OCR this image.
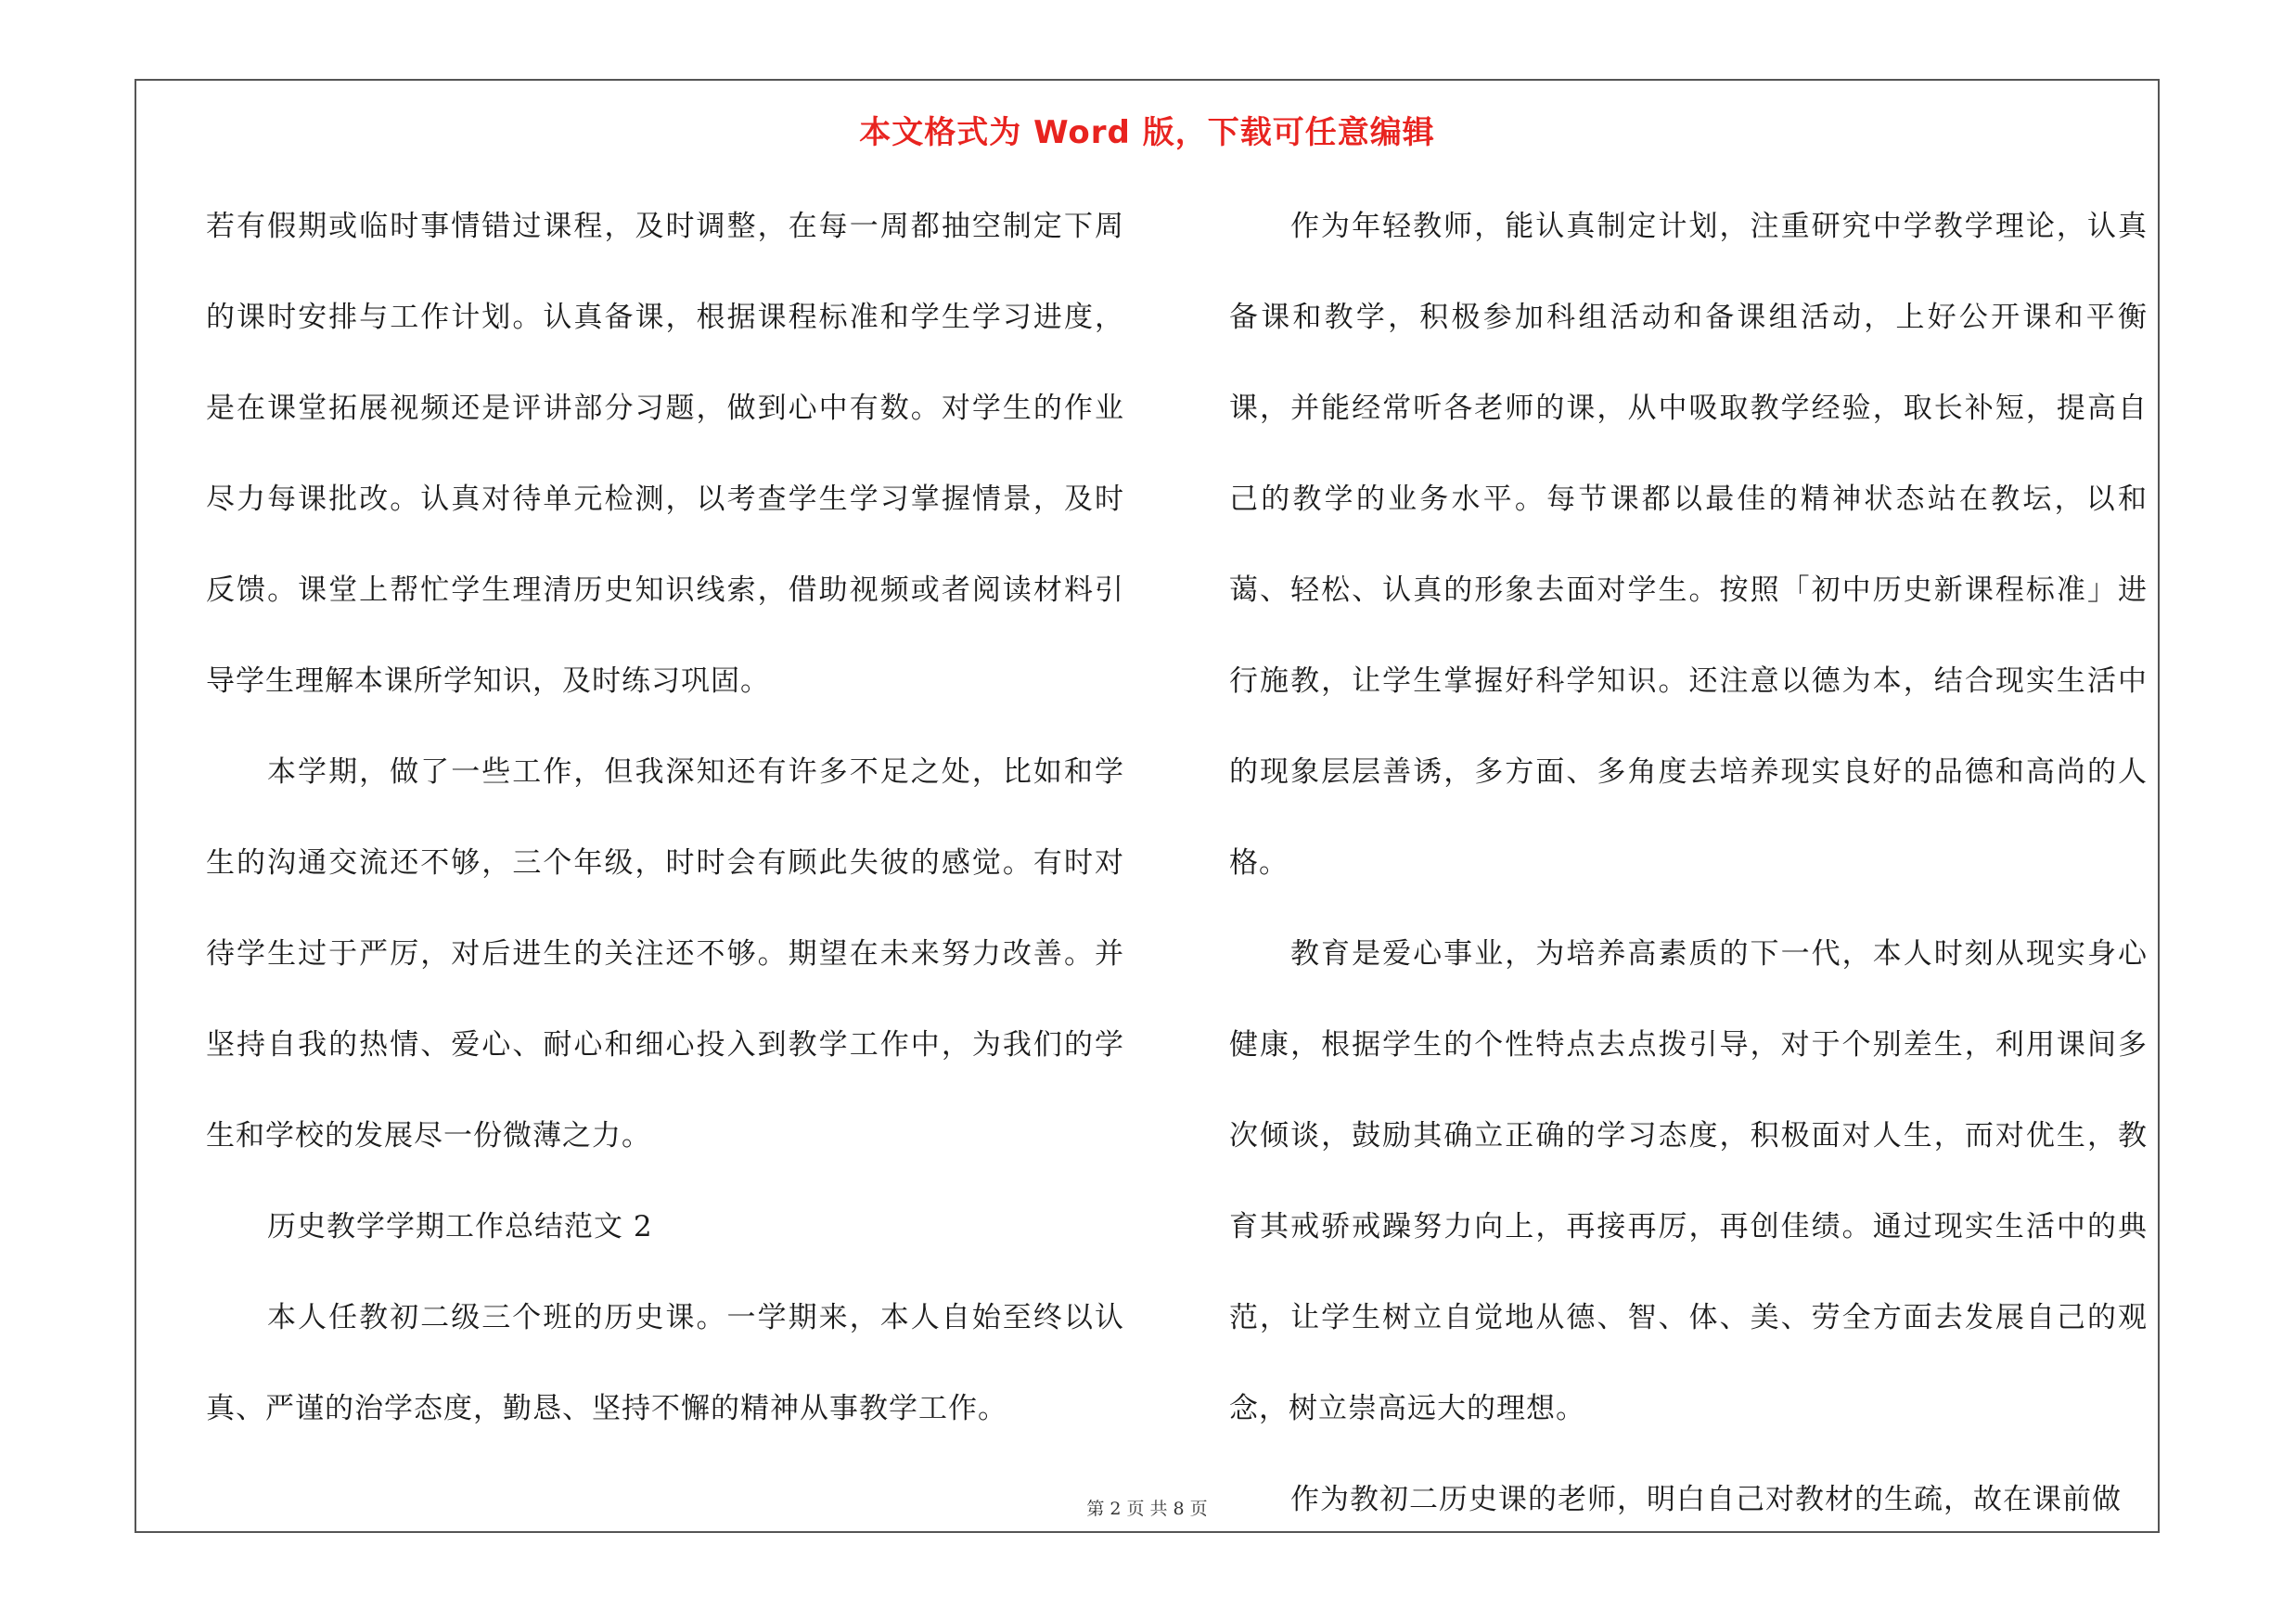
本文格式为 Word 版，下载可任意编辑

若有假期或临时事情错过课程，及时调整，在每一周都抽空制定下周的课时安排与工作计划。认真备课，根据课程标准和学生学习进度，是在课堂拓展视频还是评讲部分习题，做到心中有数。对学生的作业尽力每课批改。认真对待单元检测，以考查学生学习掌握情景，及时反馈。课堂上帮忙学生理清历史知识线索，借助视频或者阅读材料引导学生理解本课所学知识，及时练习巩固。

本学期，做了一些工作，但我深知还有许多不足之处，比如和学生的沟通交流还不够，三个年级，时时会有顾此失彼的感觉。有时对待学生过于严厉，对后进生的关注还不够。期望在未来努力改善。并坚持自我的热情、爱心、耐心和细心投入到教学工作中，为我们的学生和学校的发展尽一份微薄之力。

历史教学学期工作总结范文 2

本人任教初二级三个班的历史课。一学期来，本人自始至终以认真、严谨的治学态度，勤恳、坚持不懈的精神从事教学工作。

作为年轻教师，能认真制定计划，注重研究中学教学理论，认真备课和教学，积极参加科组活动和备课组活动，上好公开课和平衡课，并能经常听各老师的课，从中吸取教学经验，取长补短，提高自己的教学的业务水平。每节课都以最佳的精神状态站在教坛，以和蔼、轻松、认真的形象去面对学生。按照「初中历史新课程标准」进行施教，让学生掌握好科学知识。还注意以德为本，结合现实生活中的现象层层善诱，多方面、多角度去培养现实良好的品德和高尚的人格。

教育是爱心事业，为培养高素质的下一代，本人时刻从现实身心健康，根据学生的个性特点去点拨引导，对于个别差生，利用课间多次倾谈，鼓励其确立正确的学习态度，积极面对人生，而对优生，教育其戒骄戒躁努力向上，再接再厉，再创佳绩。通过现实生活中的典范，让学生树立自觉地从德、智、体、美、劳全方面去发展自己的观念，树立崇高远大的理想。

作为教初二历史课的老师，明白自己对教材的生疏，故在课前做

第 2 页 共 8 页
